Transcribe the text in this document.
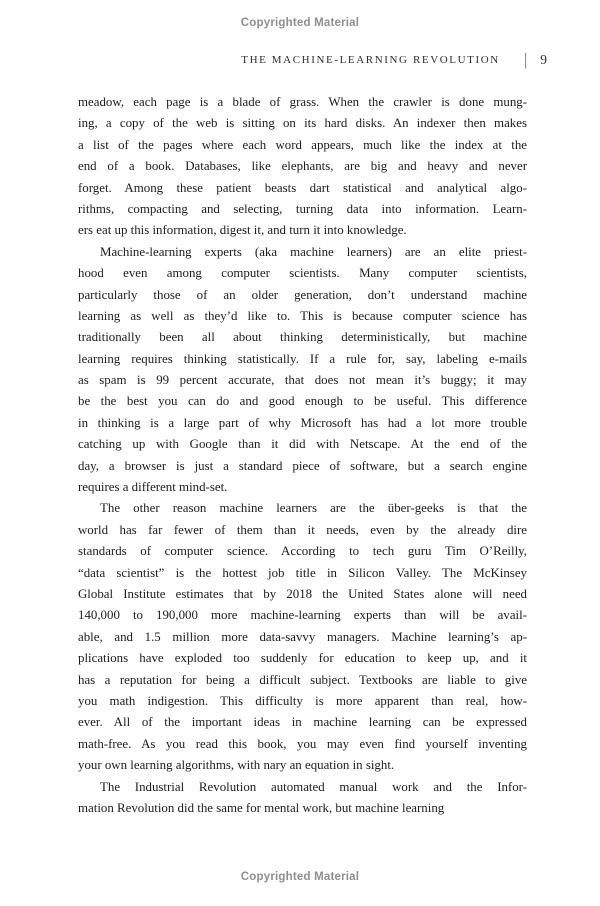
Copyrighted Material
THE MACHINE-LEARNING REVOLUTION | 9
meadow, each page is a blade of grass. When the crawler is done mung-
ing, a copy of the web is sitting on its hard disks. An indexer then makes
a list of the pages where each word appears, much like the index at the
end of a book. Databases, like elephants, are big and heavy and never
forget. Among these patient beasts dart statistical and analytical algo-
rithms, compacting and selecting, turning data into information. Learn-
ers eat up this information, digest it, and turn it into knowledge.
Machine-learning experts (aka machine learners) are an elite priest-
hood even among computer scientists. Many computer scientists,
particularly those of an older generation, don’t understand machine
learning as well as they’d like to. This is because computer science has
traditionally been all about thinking deterministically, but machine
learning requires thinking statistically. If a rule for, say, labeling e-mails
as spam is 99 percent accurate, that does not mean it’s buggy; it may
be the best you can do and good enough to be useful. This difference
in thinking is a large part of why Microsoft has had a lot more trouble
catching up with Google than it did with Netscape. At the end of the
day, a browser is just a standard piece of software, but a search engine
requires a different mind-set.
The other reason machine learners are the über-geeks is that the
world has far fewer of them than it needs, even by the already dire
standards of computer science. According to tech guru Tim O’Reilly,
“data scientist” is the hottest job title in Silicon Valley. The McKinsey
Global Institute estimates that by 2018 the United States alone will need
140,000 to 190,000 more machine-learning experts than will be avail-
able, and 1.5 million more data-savvy managers. Machine learning’s ap-
plications have exploded too suddenly for education to keep up, and it
has a reputation for being a difficult subject. Textbooks are liable to give
you math indigestion. This difficulty is more apparent than real, how-
ever. All of the important ideas in machine learning can be expressed
math-free. As you read this book, you may even find yourself inventing
your own learning algorithms, with nary an equation in sight.
The Industrial Revolution automated manual work and the Infor-
mation Revolution did the same for mental work, but machine learning
Copyrighted Material
